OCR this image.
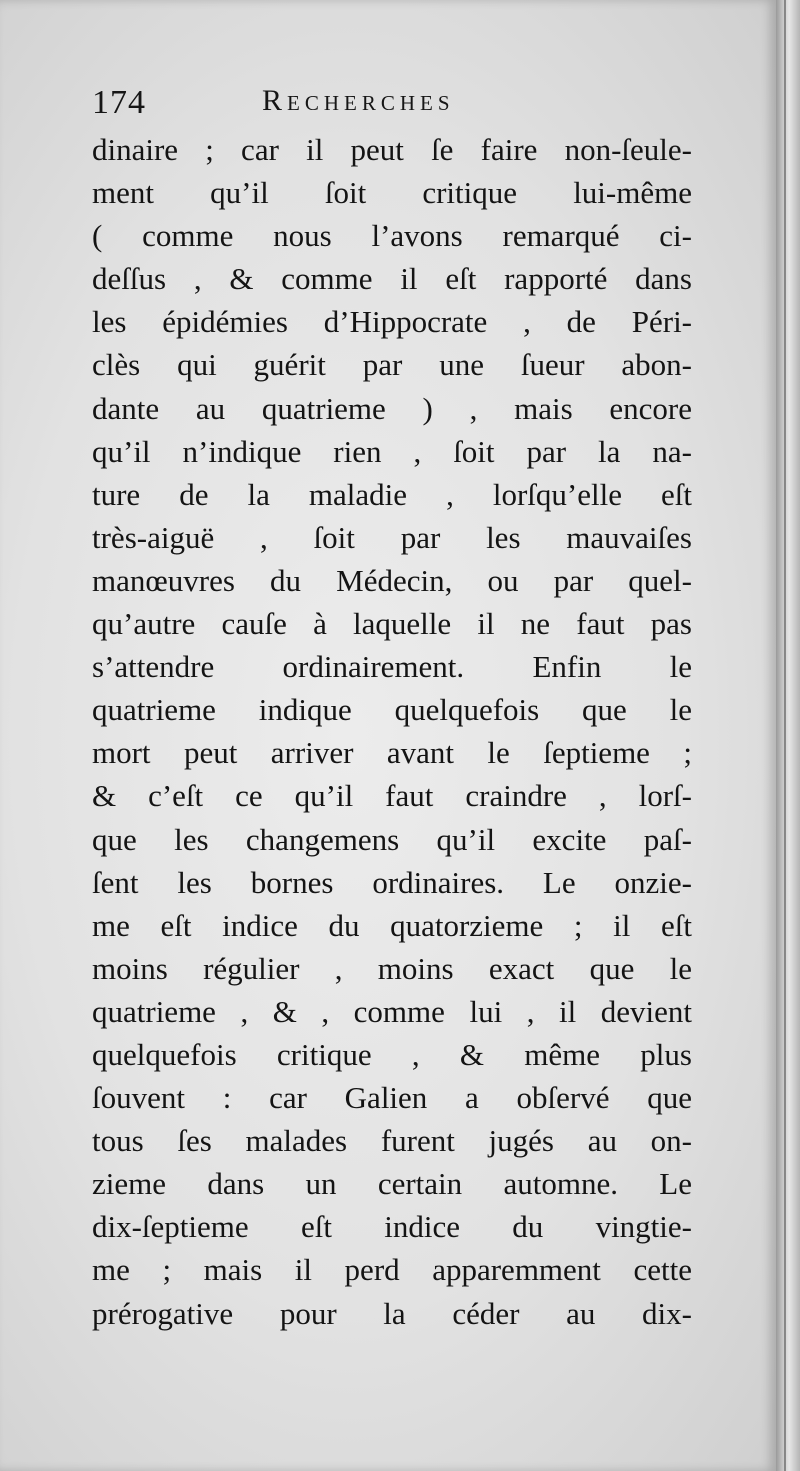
174	Recherches
dinaire ; car il peut ſe faire non-ſeule-
ment qu’il ſoit critique lui-même
( comme nous l’avons remarqué ci-
deſſus , & comme il eſt rapporté dans
les épidémies d’Hippocrate , de Péri-
clès qui guérit par une ſueur abon-
dante au quatrieme ) , mais encore
qu’il n’indique rien , ſoit par la na-
ture de la maladie , lorſqu’elle eſt
très-aiguë , ſoit par les mauvaiſes
manœuvres du Médecin, ou par quel-
qu’autre cauſe à laquelle il ne faut pas
s’attendre ordinairement. Enfin le
quatrieme indique quelquefois que le
mort peut arriver avant le ſeptieme ;
& c’eſt ce qu’il faut craindre , lorſ-
que les changemens qu’il excite paſ-
ſent les bornes ordinaires. Le onzie-
me eſt indice du quatorzieme ; il eſt
moins régulier , moins exact que le
quatrieme , & , comme lui , il devient
quelquefois critique , & même plus
ſouvent : car Galien a obſervé que
tous ſes malades furent jugés au on-
zieme dans un certain automne. Le
dix-ſeptieme eſt indice du vingtie-
me ; mais il perd apparemment cette
prérogative pour la céder au dix-
